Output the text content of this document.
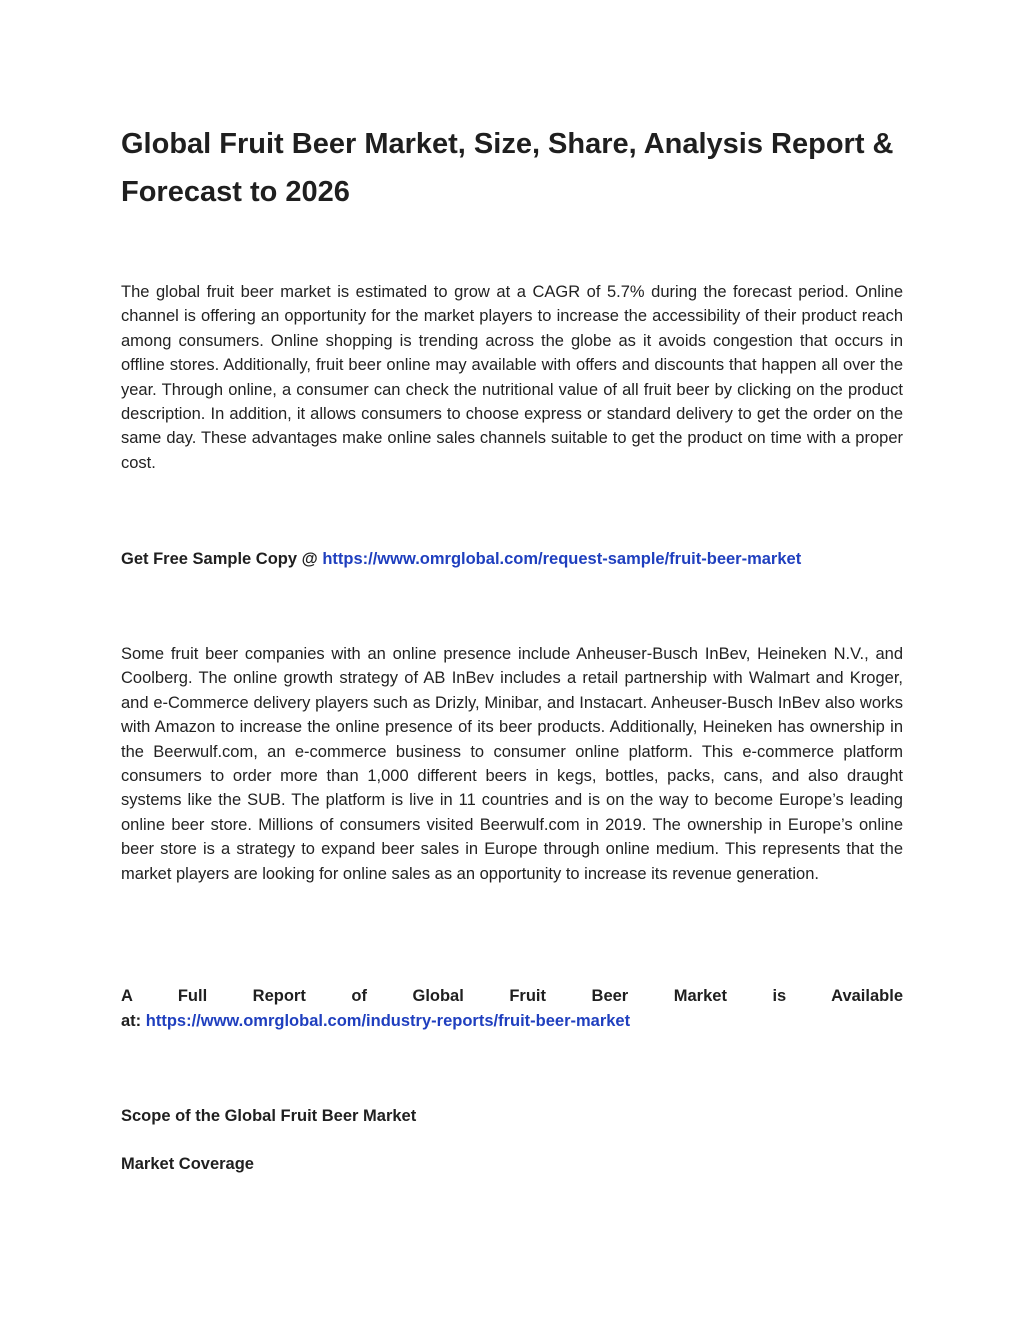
Global Fruit Beer Market, Size, Share, Analysis Report & Forecast to 2026

The global fruit beer market is estimated to grow at a CAGR of 5.7% during the forecast period. Online channel is offering an opportunity for the market players to increase the accessibility of their product reach among consumers. Online shopping is trending across the globe as it avoids congestion that occurs in offline stores. Additionally, fruit beer online may available with offers and discounts that happen all over the year. Through online, a consumer can check the nutritional value of all fruit beer by clicking on the product description. In addition, it allows consumers to choose express or standard delivery to get the order on the same day. These advantages make online sales channels suitable to get the product on time with a proper cost.

Get Free Sample Copy @ https://www.omrglobal.com/request-sample/fruit-beer-market

Some fruit beer companies with an online presence include Anheuser-Busch InBev, Heineken N.V., and Coolberg. The online growth strategy of AB InBev includes a retail partnership with Walmart and Kroger, and e-Commerce delivery players such as Drizly, Minibar, and Instacart. Anheuser-Busch InBev also works with Amazon to increase the online presence of its beer products. Additionally, Heineken has ownership in the Beerwulf.com, an e-commerce business to consumer online platform. This e-commerce platform consumers to order more than 1,000 different beers in kegs, bottles, packs, cans, and also draught systems like the SUB. The platform is live in 11 countries and is on the way to become Europe’s leading online beer store. Millions of consumers visited Beerwulf.com in 2019. The ownership in Europe’s online beer store is a strategy to expand beer sales in Europe through online medium. This represents that the market players are looking for online sales as an opportunity to increase its revenue generation.

A Full Report of Global Fruit Beer Market is Available

at: https://www.omrglobal.com/industry-reports/fruit-beer-market

Scope of the Global Fruit Beer Market

Market Coverage
